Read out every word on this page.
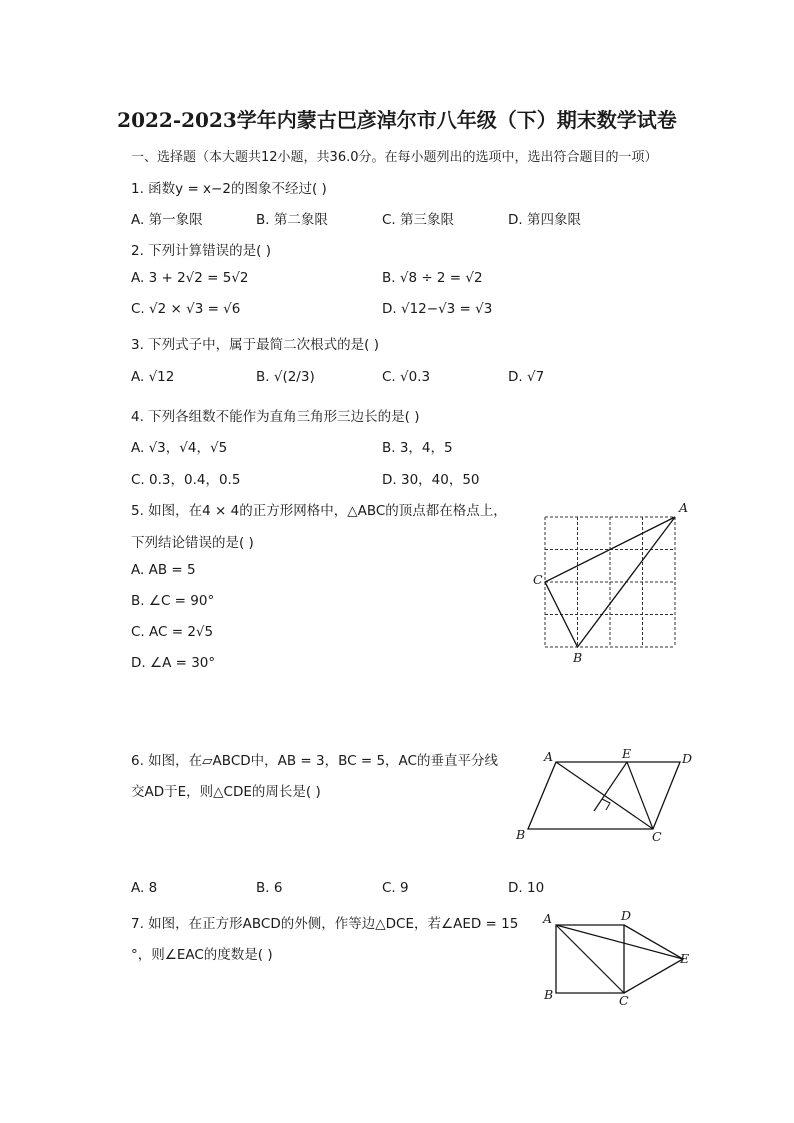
2022-2023学年内蒙古巴彦淖尔市八年级（下）期末数学试卷
一、选择题（本大题共12小题，共36.0分。在每小题列出的选项中，选出符合题目的一项）
1. 函数y = x−2的图象不经过( )
A. 第一象限	B. 第二象限	C. 第三象限	D. 第四象限
2. 下列计算错误的是( )
A. 3 + 2√2 = 5√2	B. √8 ÷ 2 = √2
C. √2 × √3 = √6	D. √12−√3 = √3
3. 下列式子中，属于最简二次根式的是( )
A. √12	B. √(2/3)	C. √0.3	D. √7
4. 下列各组数不能作为直角三角形三边长的是( )
A. √3，√4，√5	B. 3，4，5
C. 0.3，0.4，0.5	D. 30，40，50
5. 如图，在4 × 4的正方形网格中，△ABC的顶点都在格点上，
下列结论错误的是( )
A. AB = 5
B. ∠C = 90°
C. AC = 2√5
D. ∠A = 30°
A
C
B
6. 如图，在▱ABCD中，AB = 3，BC = 5，AC的垂直平分线
交AD于E，则△CDE的周长是( )
A. 8	B. 6	C. 9	D. 10
A	E	D
B	C
7. 如图，在正方形ABCD的外侧，作等边△DCE，若∠AED = 15
°，则∠EAC的度数是( )
A	D
E
B	C
